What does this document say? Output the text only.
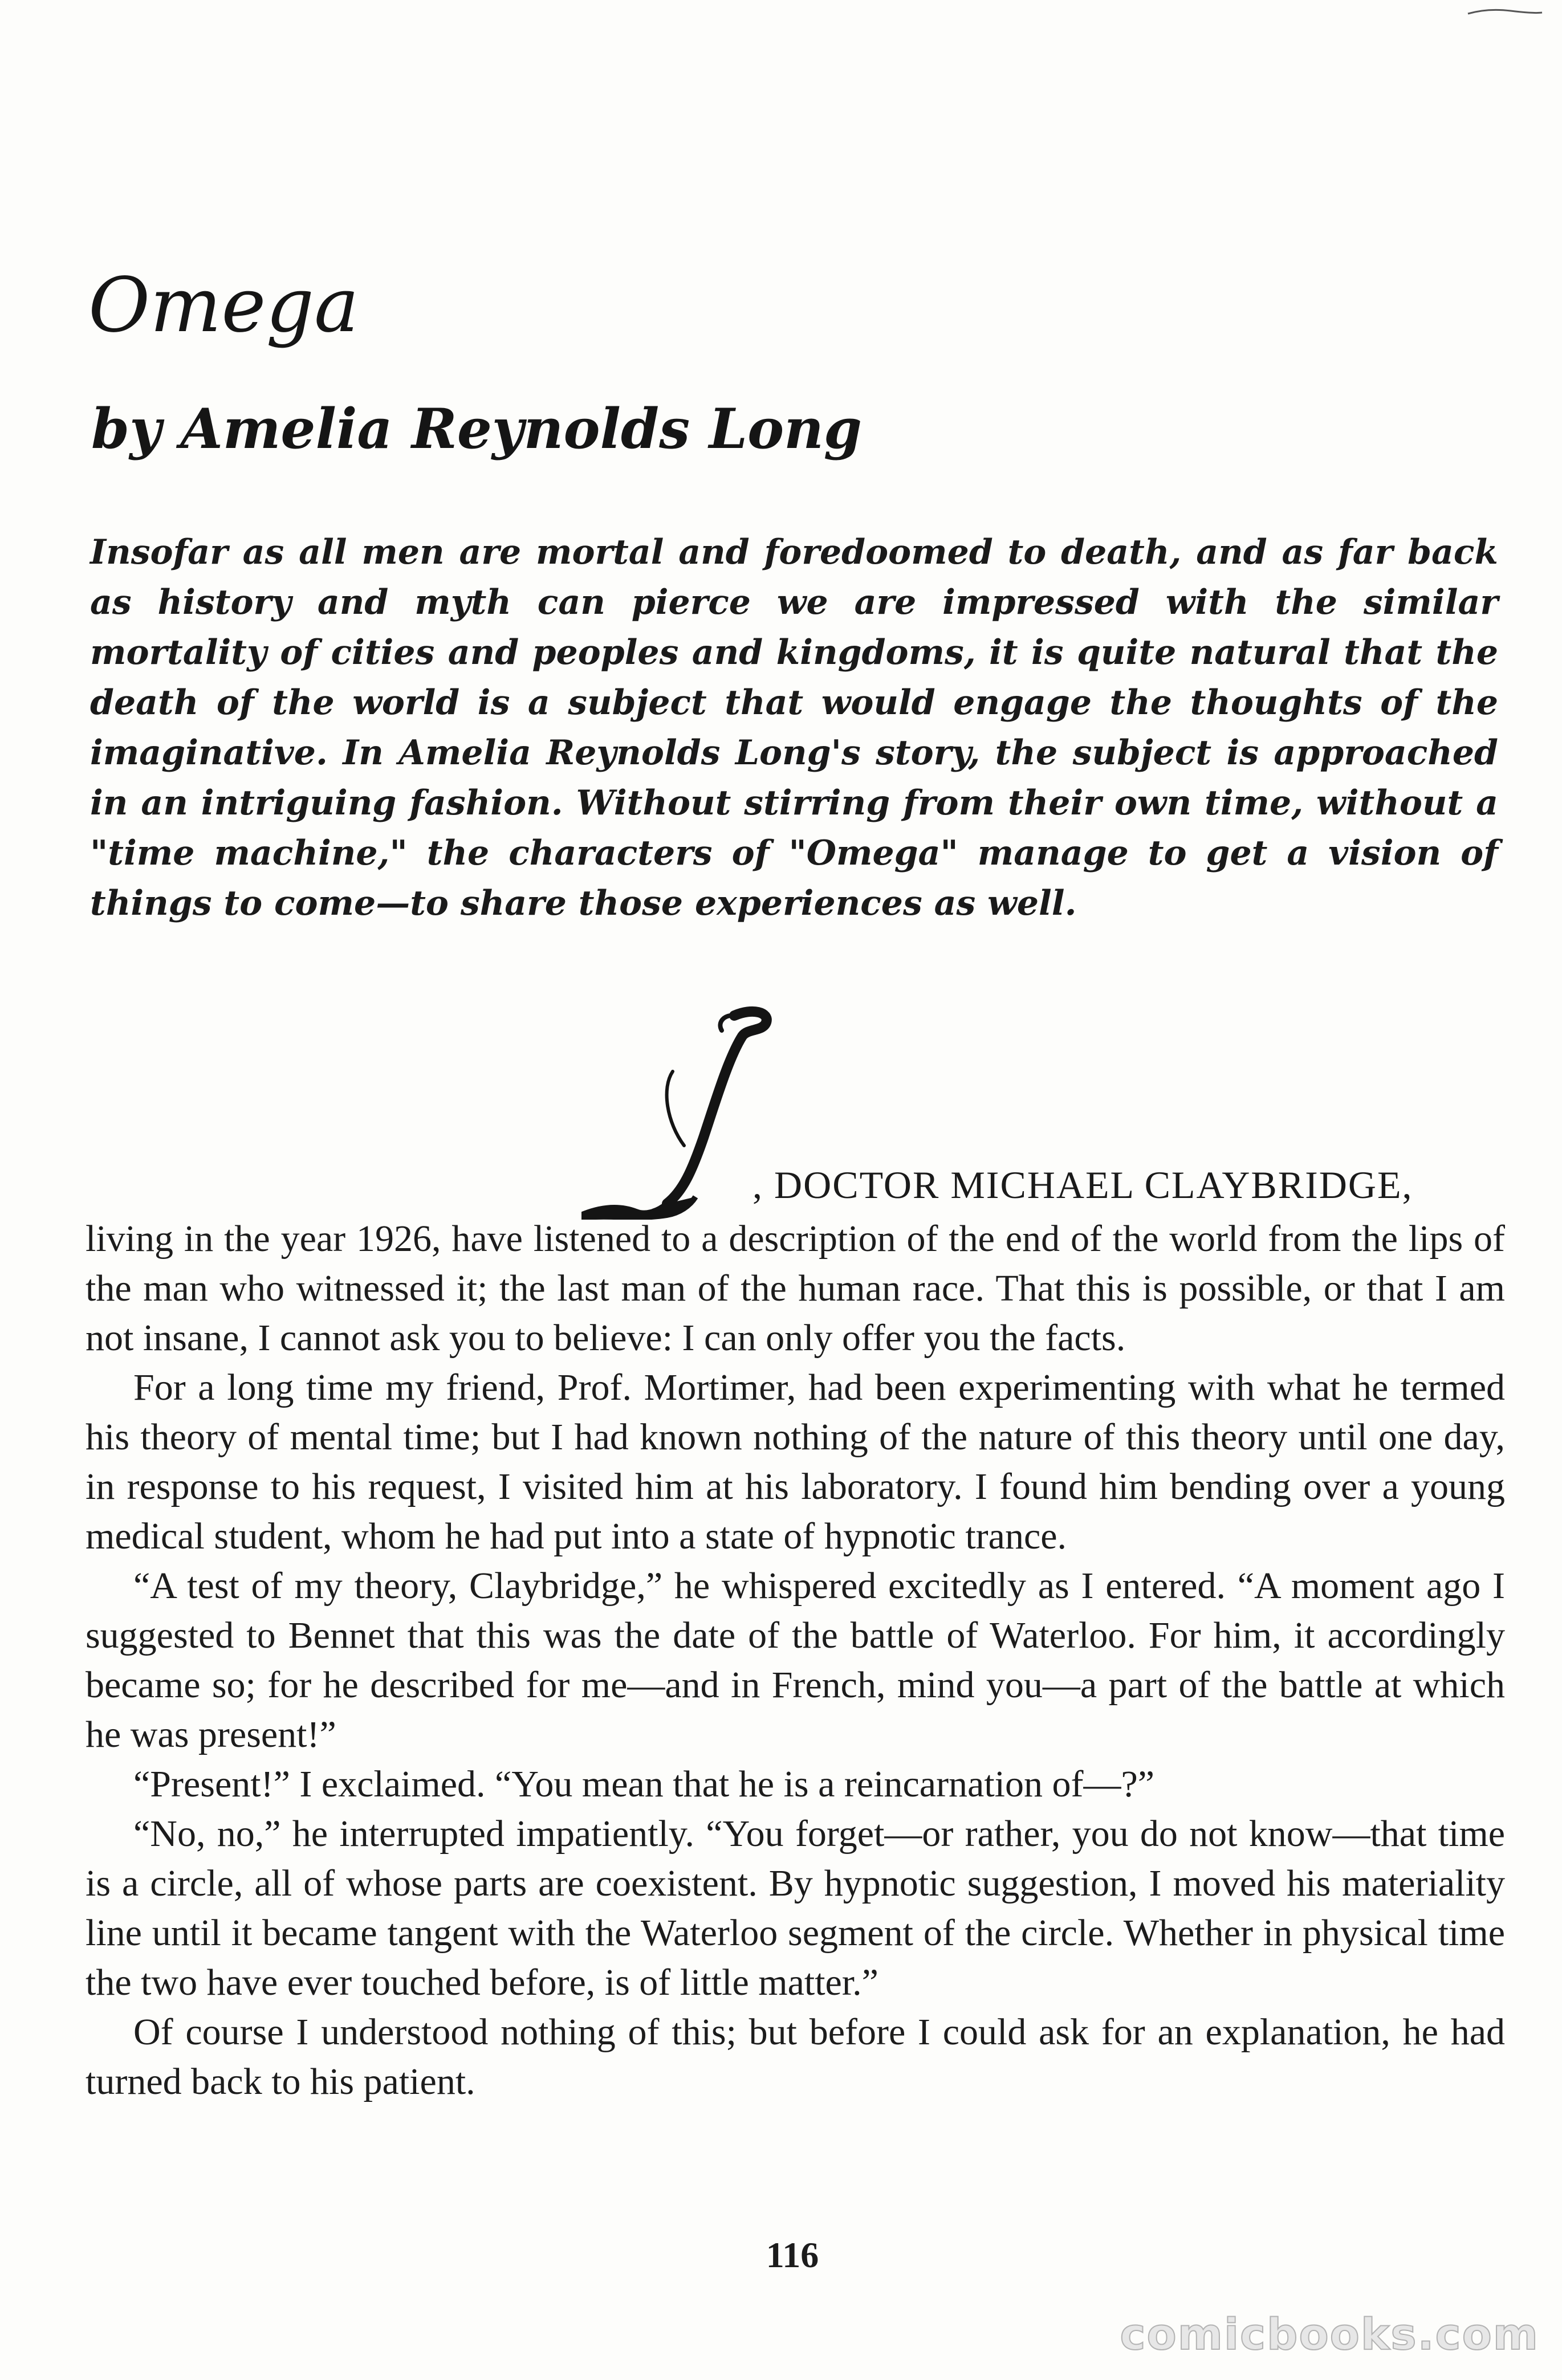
Omega
by Amelia Reynolds Long

Insofar as all men are mortal and foredoomed to death, and as far back as history and myth can pierce we are impressed with the similar mortality of cities and peoples and kingdoms, it is quite natural that the death of the world is a subject that would engage the thoughts of the imaginative. In Amelia Reynolds Long's story, the subject is approached in an intriguing fashion. Without stirring from their own time, without a "time machine," the characters of "Omega" manage to get a vision of things to come—to share those experiences as well.

, DOCTOR MICHAEL CLAYBRIDGE,

living in the year 1926, have listened to a description of the end of the world from the lips of the man who witnessed it; the last man of the human race. That this is possible, or that I am not insane, I cannot ask you to believe: I can only offer you the facts.

For a long time my friend, Prof. Mortimer, had been experimenting with what he termed his theory of mental time; but I had known nothing of the nature of this theory until one day, in response to his request, I visited him at his laboratory. I found him bending over a young medical student, whom he had put into a state of hypnotic trance.

“A test of my theory, Claybridge,” he whispered excitedly as I entered. “A moment ago I suggested to Bennet that this was the date of the battle of Waterloo. For him, it accordingly became so; for he described for me—and in French, mind you—a part of the battle at which he was present!”

“Present!” I exclaimed. “You mean that he is a reincarnation of—?”

“No, no,” he interrupted impatiently. “You forget—or rather, you do not know—that time is a circle, all of whose parts are coexistent. By hypnotic suggestion, I moved his materiality line until it became tangent with the Waterloo segment of the circle. Whether in physical time the two have ever touched before, is of little matter.”

Of course I understood nothing of this; but before I could ask for an explanation, he had turned back to his patient.

116
comicbooks.com
